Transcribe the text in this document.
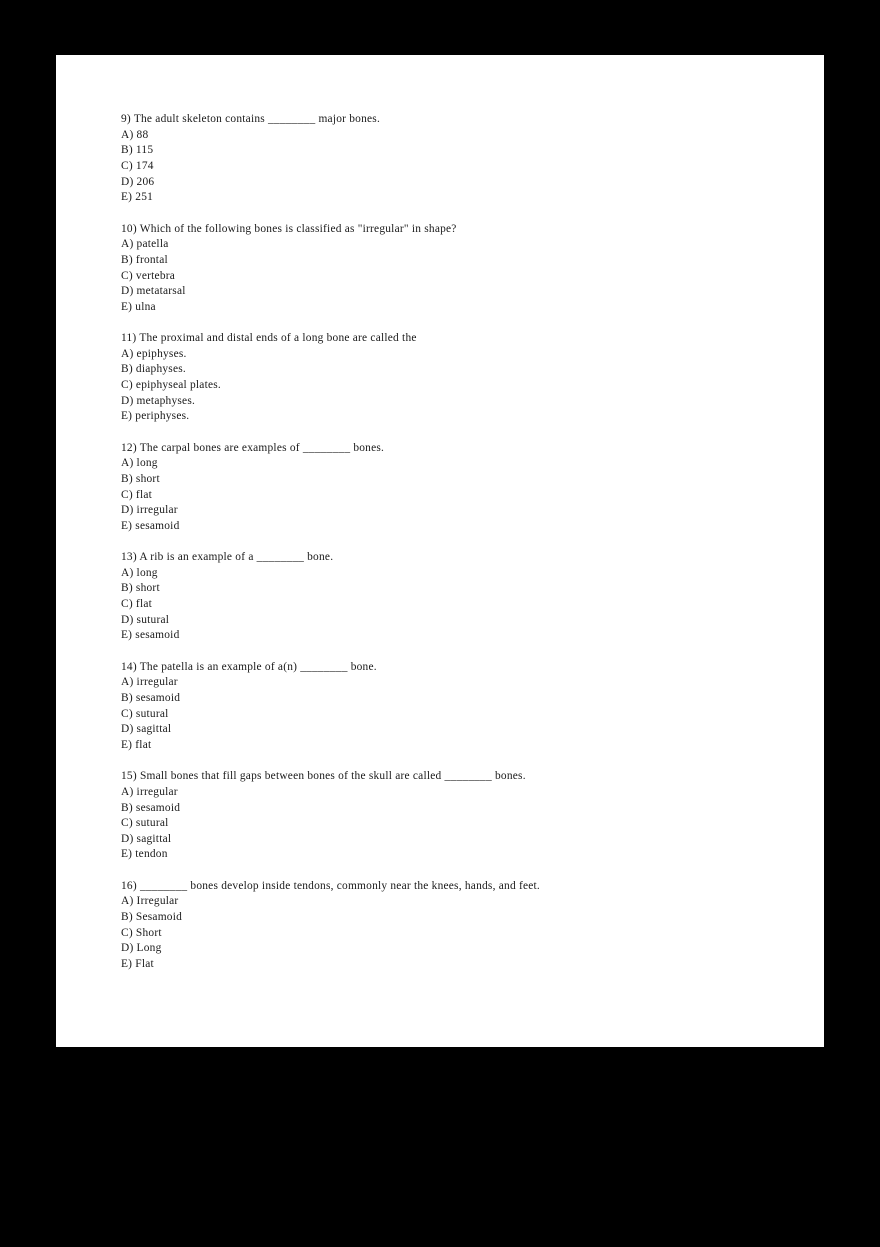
9) The adult skeleton contains ________ major bones.
A) 88
B) 115
C) 174
D) 206
E) 251
10) Which of the following bones is classified as "irregular" in shape?
A) patella
B) frontal
C) vertebra
D) metatarsal
E) ulna
11) The proximal and distal ends of a long bone are called the
A) epiphyses.
B) diaphyses.
C) epiphyseal plates.
D) metaphyses.
E) periphyses.
12) The carpal bones are examples of ________ bones.
A) long
B) short
C) flat
D) irregular
E) sesamoid
13) A rib is an example of a ________ bone.
A) long
B) short
C) flat
D) sutural
E) sesamoid
14) The patella is an example of a(n) ________ bone.
A) irregular
B) sesamoid
C) sutural
D) sagittal
E) flat
15) Small bones that fill gaps between bones of the skull are called ________ bones.
A) irregular
B) sesamoid
C) sutural
D) sagittal
E) tendon
16) ________ bones develop inside tendons, commonly near the knees, hands, and feet.
A) Irregular
B) Sesamoid
C) Short
D) Long
E) Flat
